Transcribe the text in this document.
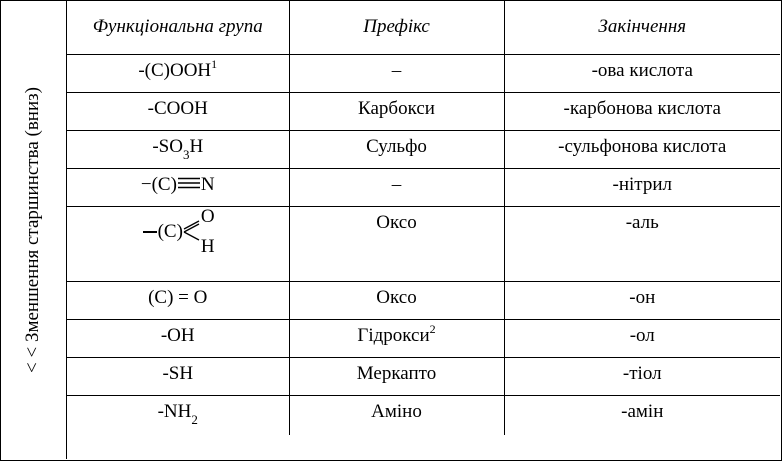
< < Зменшення старшинства (вниз)
Функціональна група	Префікс	Закінчення
-(C)OOH$^1$	–	-ова кислота
-COOH	Карбокси	-карбонова кислота
$-SO_3H$	Сульфо	-сульфонова кислота
−(C) N	–	-нітрил

(C)
O
H	Оксо	-аль
(C) = O	Оксо	-он
-OH	Гідрокси$^2$	-ол
-SH	Меркапто	-тіол
$-NH_2$	Аміно	-амін
